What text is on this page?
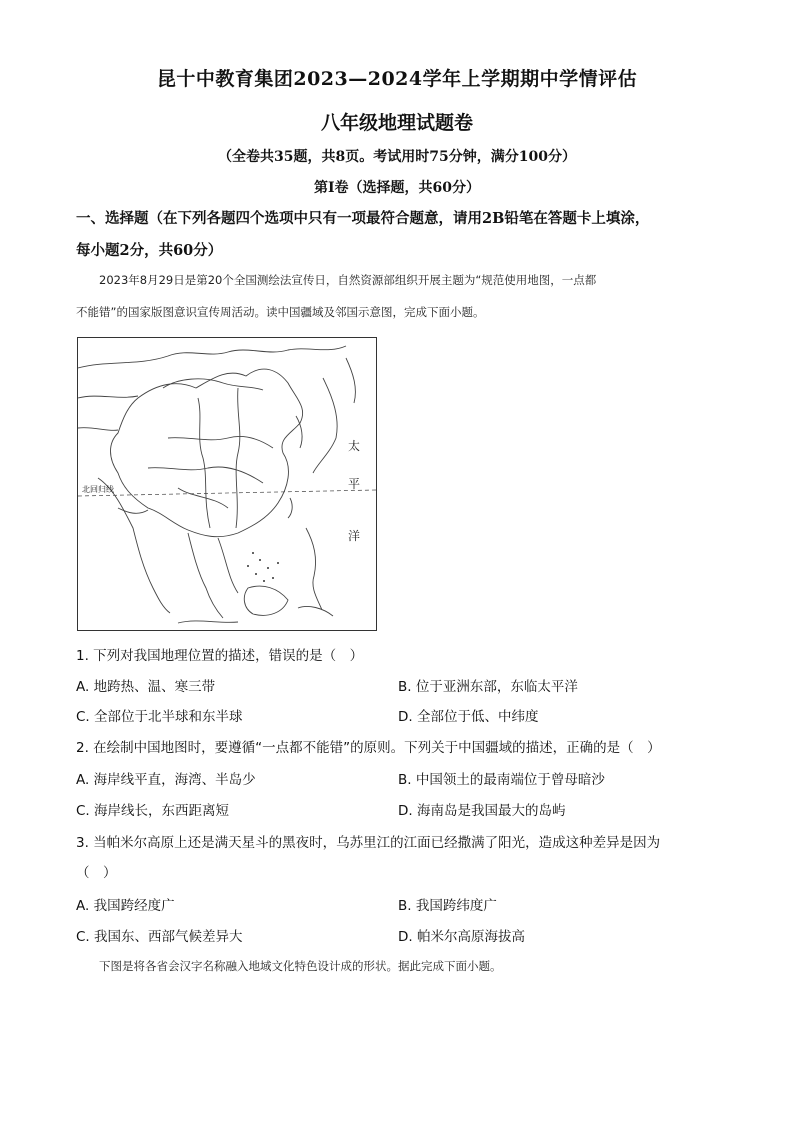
昆十中教育集团2023—2024学年上学期期中学情评估
八年级地理试题卷
（全卷共35题，共8页。考试用时75分钟，满分100分）
第Ⅰ卷（选择题，共60分）
一、选择题（在下列各题四个选项中只有一项最符合题意，请用2B铅笔在答题卡上填涂，
每小题2分，共60分）
2023年8月29日是第20个全国测绘法宣传日，自然资源部组织开展主题为“规范使用地图，一点都
不能错”的国家版图意识宣传周活动。读中国疆域及邻国示意图，完成下面小题。
北回归线
太
平
洋
1. 下列对我国地理位置的描述，错误的是（　）
A. 地跨热、温、寒三带	B. 位于亚洲东部，东临太平洋
C. 全部位于北半球和东半球	D. 全部位于低、中纬度
2. 在绘制中国地图时，要遵循“一点都不能错”的原则。下列关于中国疆域的描述，正确的是（　）
A. 海岸线平直，海湾、半岛少	B. 中国领土的最南端位于曾母暗沙
C. 海岸线长，东西距离短	D. 海南岛是我国最大的岛屿
3. 当帕米尔高原上还是满天星斗的黑夜时，乌苏里江的江面已经撒满了阳光，造成这种差异是因为
（　）
A. 我国跨经度广	B. 我国跨纬度广
C. 我国东、西部气候差异大	D. 帕米尔高原海拔高
下图是将各省会汉字名称融入地域文化特色设计成的形状。据此完成下面小题。
